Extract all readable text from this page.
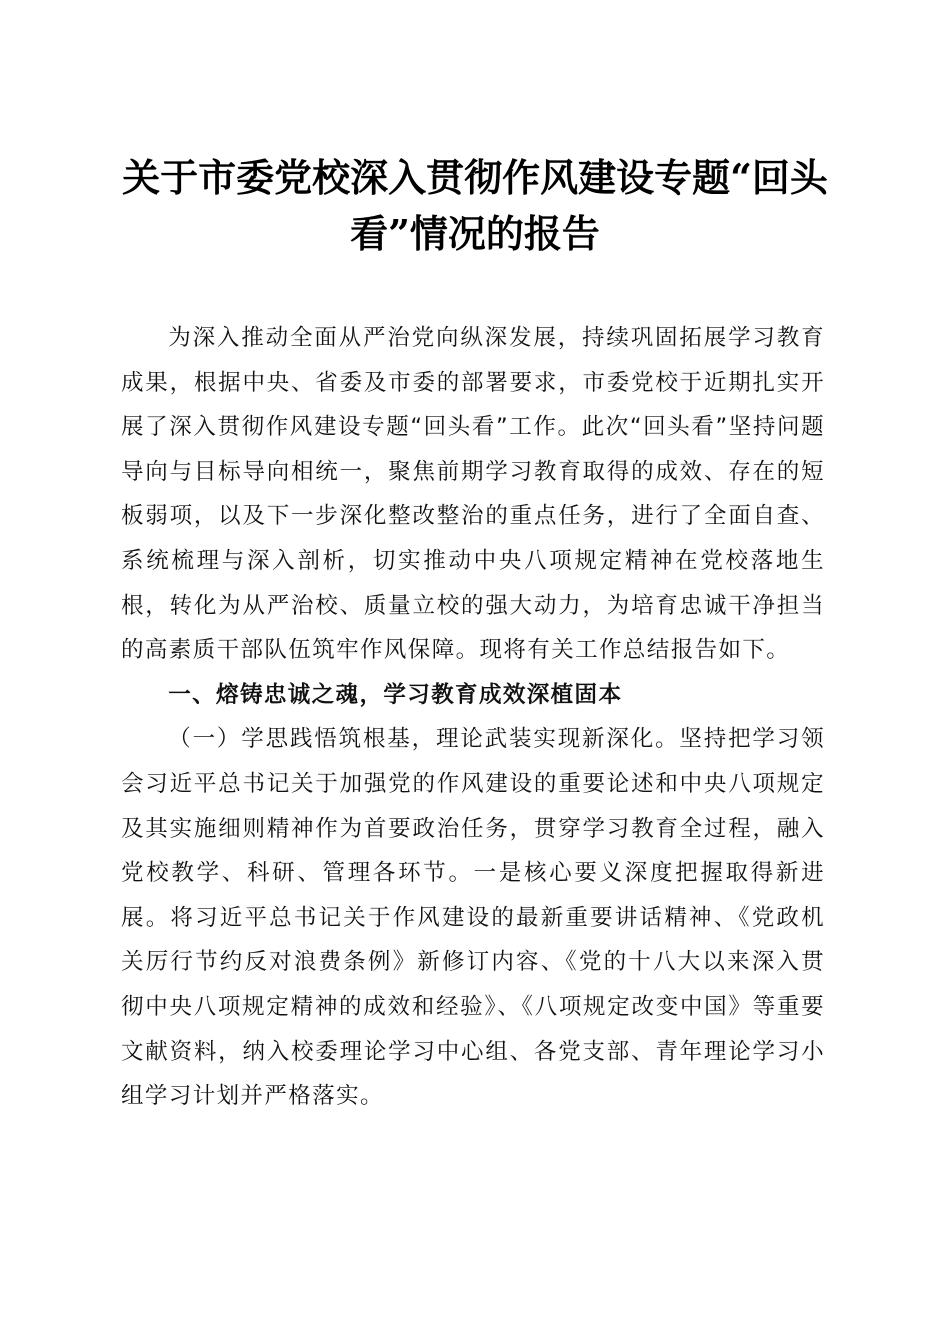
关于市委党校深入贯彻作风建设专题“回头
看”情况的报告

为深入推动全面从严治党向纵深发展，持续巩固拓展学习教育成果，根据中央、省委及市委的部署要求，市委党校于近期扎实开展了深入贯彻作风建设专题“回头看”工作。此次“回头看”坚持问题导向与目标导向相统一，聚焦前期学习教育取得的成效、存在的短板弱项，以及下一步深化整改整治的重点任务，进行了全面自查、系统梳理与深入剖析，切实推动中央八项规定精神在党校落地生根，转化为从严治校、质量立校的强大动力，为培育忠诚干净担当的高素质干部队伍筑牢作风保障。现将有关工作总结报告如下。

一、熔铸忠诚之魂，学习教育成效深植固本

（一）学思践悟筑根基，理论武装实现新深化。坚持把学习领会习近平总书记关于加强党的作风建设的重要论述和中央八项规定及其实施细则精神作为首要政治任务，贯穿学习教育全过程，融入党校教学、科研、管理各环节。一是核心要义深度把握取得新进展。将习近平总书记关于作风建设的最新重要讲话精神、《党政机关厉行节约反对浪费条例》新修订内容、《党的十八大以来深入贯彻中央八项规定精神的成效和经验》、《八项规定改变中国》等重要文献资料，纳入校委理论学习中心组、各党支部、青年理论学习小组学习计划并严格落实。
